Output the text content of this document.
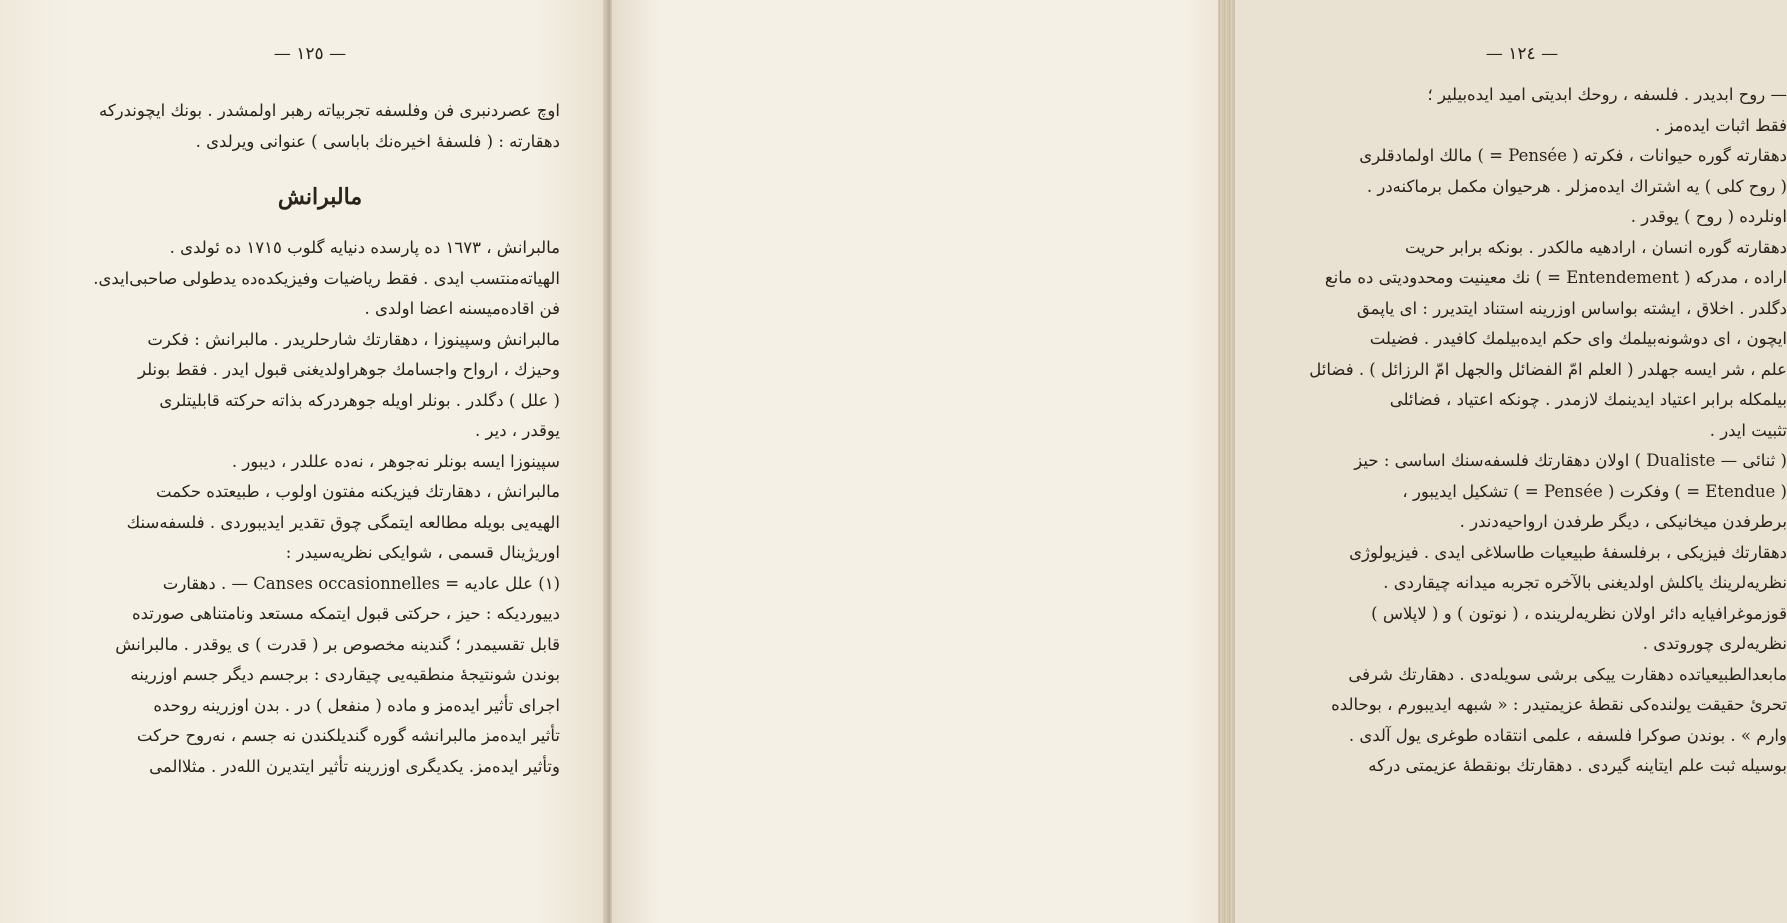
— ١٢٥ —

اوچ عصردنبری فن وفلسفه تجربیاته رهبر اولمشدر . بونك ایچوندركه

دهقارته : ( فلسفهٔ اخیره‌نك باباسی ) عنوانی ویرلدی .

مالبرانش

مالبرانش ، ١٦٧٣ ده پارسده دنیایه گلوب ١٧١٥ ده ئولدی .

الهیاته‌منتسب ایدی . فقط ریاضیات وفیزیکده‌ده یدطولی صاحبی‌ایدی.

فن اقاده‌میسنه اعضا اولدی .

مالبرانش وسپینوزا ، دهقارتك شارحلریدر . مالبرانش : فکرت

وحیزك ، ارواح واجسامك جوهراولدیغنی قبول ایدر . فقط بونلر

( علل ) دگلدر . بونلر اویله جوهردرکه بذاته حرکته قابلیتلری

یوقدر ، دیر .

سپینوزا ایسه بونلر نه‌جوهر ، نه‌ده عللدر ، دیبور .

مالبرانش ، دهقارتك فیزیکنه مفتون اولوب ، طبیعتده حکمت

الهیه‌یی بویله مطالعه ایتمگی چوق تقدیر ایدیبوردی . فلسفه‌سنك

اوریژینال قسمی ، شوایکی نظریه‌سیدر :

(١) علل عادیه = Canses occasionnelles — . دهقارت

دییوردیکه : حیز ، حرکتی قبول ایتمکه مستعد ونامتناهی صورتده

قابل تقسیمدر ؛ گندینه مخصوص بر ( قدرت ) ی یوقدر . مالبرانش

بوندن شونتیجهٔ منطقیه‌یی چیقاردی : برجسم دیگر جسم اوزرینه

اجرای تأثیر ایده‌مز و ماده ( منفعل ) در . بدن اوزرینه روحده

تأثیر ایده‌مز مالبرانشه گوره گندیلکندن نه جسم ، نه‌روح حرکت

وتأثیر ایده‌مز. یکدیگری اوزرینه تأثیر ایتدیرن الله‌در . مثلاالمی

— ١٢٤ —

— روح ابدیدر . فلسفه ، روحك ابدیتی امید ایده‌بیلیر ؛

فقط اثبات ایده‌مز .

دهقارته گوره حیوانات ، فکرته ( Pensée = ) مالك اولمادقلری

( روح کلی ) یه اشتراك ایده‌مزلر . هرحیوان مکمل برماکنه‌در .

اونلرده ( روح ) یوقدر .

دهقارته گوره انسان ، ارادهیه مالکدر . بونکه برابر حریت

اراده ، مدرکه ( Entendement = ) نك معینیت ومحدودیتی ده مانع

دگلدر . اخلاق ، ایشته بواساس اوزرینه استناد ایتدیرر : ای یاپمق

ایچون ، ای دوشونه‌بیلمك وای حکم ایده‌بیلمك کافیدر . فضیلت

علم ، شر ایسه جهلدر ( العلم امّ الفضائل والجهل امّ الرزائل ) . فضائل

بیلمکله برابر اعتیاد ایدینمك لازمدر . چونکه اعتیاد ، فضائلی

تثبیت ایدر .

( ثنائی — Dualiste ) اولان دهقارتك فلسفه‌سنك اساسی : حیز

( Etendue = ) وفکرت ( Pensée = ) تشکیل ایدیبور ،

برطرفدن میخانیکی ، دیگر طرفدن ارواحیه‌دندر .

دهقارتك فیزیکی ، برفلسفهٔ طبیعیات طاسلاغی ایدی . فیزیولوژی

نظریه‌لرینك یاکلش اولدیغنی بالآخره تجربه میدانه چیقاردی .

قوزموغرافیایه دائر اولان نظریه‌لرینده ، ( نوتون ) و ( لاپلاس )

نظریه‌لری چوروتدی .

مابعدالطبیعیاتده دهقارت ییکی برشی سویله‌دی . دهقارتك شرفی

تحریٔ حقیقت یولنده‌کی نقطهٔ عزیمتیدر : « شبهه ایدیبورم ، بوحالده

وارم » . بوندن صوکرا فلسفه ، علمی انتقاده طوغری یول آلدی .

بوسیله ثبت علم ایتاینه گیردی . دهقارتك بونقطهٔ عزیمتی دركه
